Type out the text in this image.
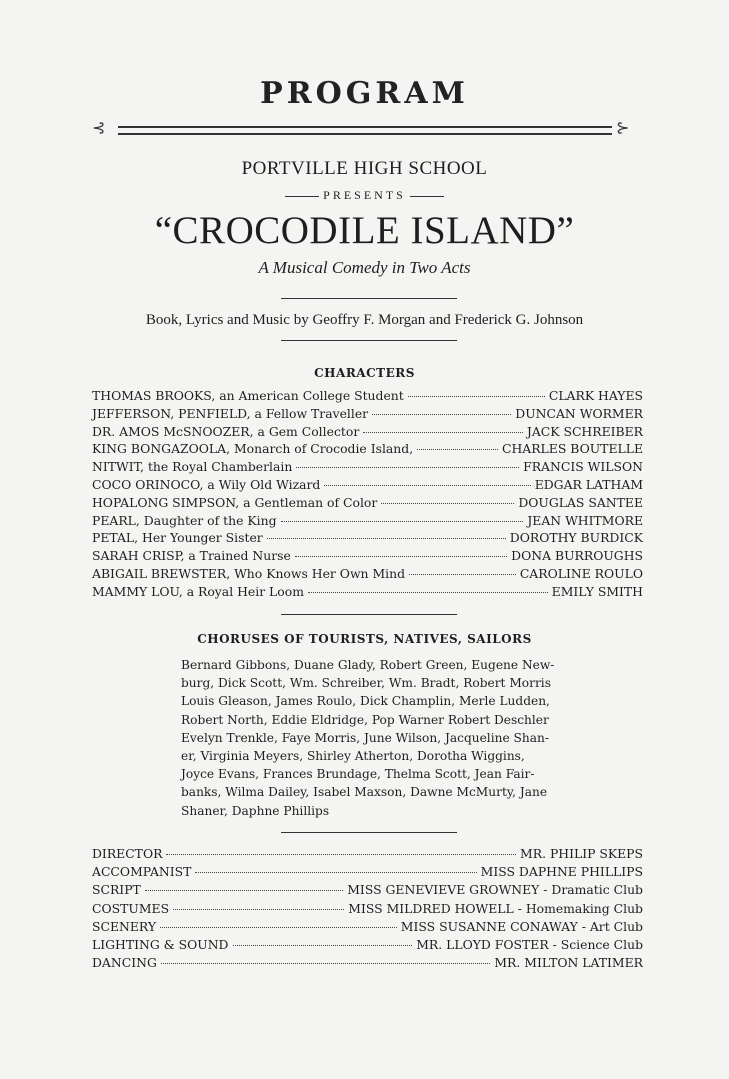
PROGRAM
⊰	⊱
PORTVILLE HIGH SCHOOL
PRESENTS
“CROCODILE ISLAND”
A Musical Comedy in Two Acts
Book, Lyrics and Music by Geoffry F. Morgan and Frederick G. Johnson
CHARACTERS
THOMAS BROOKS, an American College Student	CLARK HAYES
JEFFERSON, PENFIELD, a Fellow Traveller	DUNCAN WORMER
DR. AMOS McSNOOZER, a Gem Collector	JACK SCHREIBER
KING BONGAZOOLA, Monarch of Crocodie Island,	CHARLES BOUTELLE
NITWIT, the Royal Chamberlain	FRANCIS WILSON
COCO ORINOCO, a Wily Old Wizard	EDGAR LATHAM
HOPALONG SIMPSON, a Gentleman of Color	DOUGLAS SANTEE
PEARL, Daughter of the King	JEAN WHITMORE
PETAL, Her Younger Sister	DOROTHY BURDICK
SARAH CRISP, a Trained Nurse	DONA BURROUGHS
ABIGAIL BREWSTER, Who Knows Her Own Mind	CAROLINE ROULO
MAMMY LOU, a Royal Heir Loom	EMILY SMITH
CHORUSES OF TOURISTS, NATIVES, SAILORS
Bernard Gibbons, Duane Glady, Robert Green, Eugene New-
burg, Dick Scott, Wm. Schreiber, Wm. Bradt, Robert Morris
Louis Gleason, James Roulo, Dick Champlin, Merle Ludden,
Robert North, Eddie Eldridge, Pop Warner Robert Deschler
Evelyn Trenkle, Faye Morris, June Wilson, Jacqueline Shan-
er, Virginia Meyers, Shirley Atherton, Dorotha Wiggins,
Joyce Evans, Frances Brundage, Thelma Scott, Jean Fair-
banks, Wilma Dailey, Isabel Maxson, Dawne McMurty, Jane
Shaner, Daphne Phillips
DIRECTOR	MR. PHILIP SKEPS
ACCOMPANIST	MISS DAPHNE PHILLIPS
SCRIPT	MISS GENEVIEVE GROWNEY - Dramatic Club
COSTUMES	MISS MILDRED HOWELL - Homemaking Club
SCENERY	MISS SUSANNE CONAWAY - Art Club
LIGHTING & SOUND	MR. LLOYD FOSTER - Science Club
DANCING	MR. MILTON LATIMER
